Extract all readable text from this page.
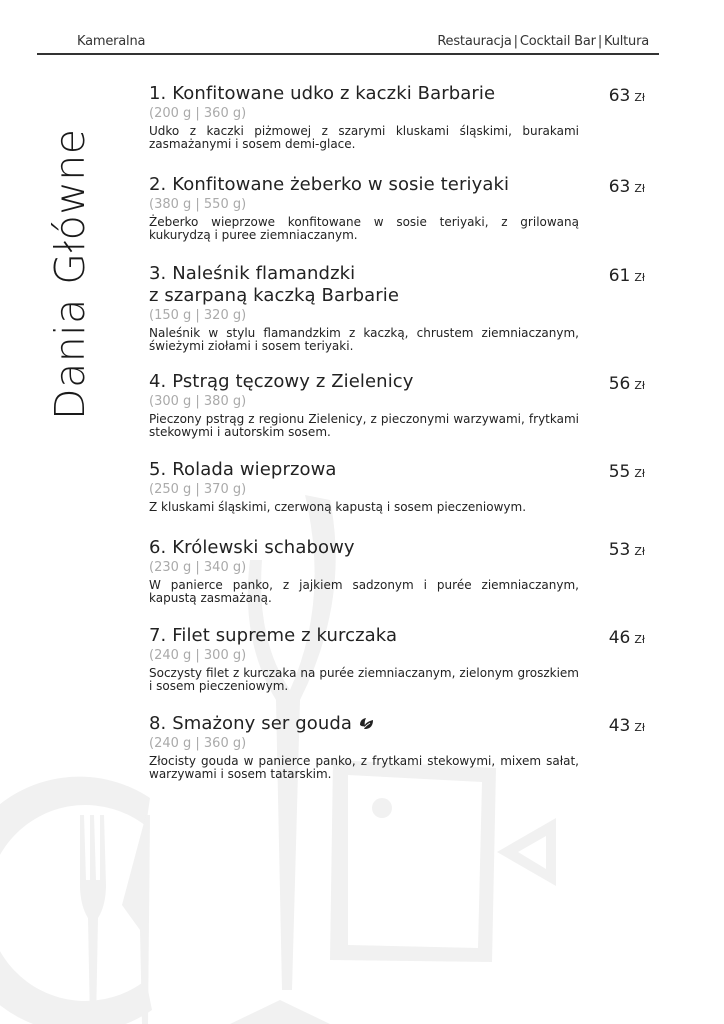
Kameralna	Restauracja | Cocktail Bar | Kultura
Dania Główne
1. Konfitowane udko z kaczki Barbarie	63 Zł
(200 g | 360 g)
Udko z kaczki piżmowej z szarymi kluskami śląskimi, burakami zasmażanymi i sosem demi-glace.
2. Konfitowane żeberko w sosie teriyaki	63 Zł
(380 g | 550 g)
Żeberko wieprzowe konfitowane w sosie teriyaki, z grilowaną kukurydzą i puree ziemniaczanym.
3. Naleśnik flamandzki
z szarpaną kaczką Barbarie
61 Zł
(150 g | 320 g)
Naleśnik w stylu flamandzkim z kaczką, chrustem ziemniaczanym, świeżymi ziołami i sosem teriyaki.
4. Pstrąg tęczowy z Zielenicy	56 Zł
(300 g | 380 g)
Pieczony pstrąg z regionu Zielenicy, z pieczonymi warzywami, frytkami stekowymi i autorskim sosem.
5. Rolada wieprzowa	55 Zł
(250 g | 370 g)
Z kluskami śląskimi, czerwoną kapustą i sosem pieczeniowym.
6. Królewski schabowy	53 Zł
(230 g | 340 g)
W panierce panko, z jajkiem sadzonym i purée ziemniaczanym, kapustą zasmażaną.
7. Filet supreme z kurczaka	46 Zł
(240 g | 300 g)
Soczysty filet z kurczaka na purée ziemniaczanym, zielonym groszkiem i sosem pieczeniowym.
8. Smażony ser gouda	43 Zł
(240 g | 360 g)
Złocisty gouda w panierce panko, z frytkami stekowymi, mixem sałat, warzywami i sosem tatarskim.
